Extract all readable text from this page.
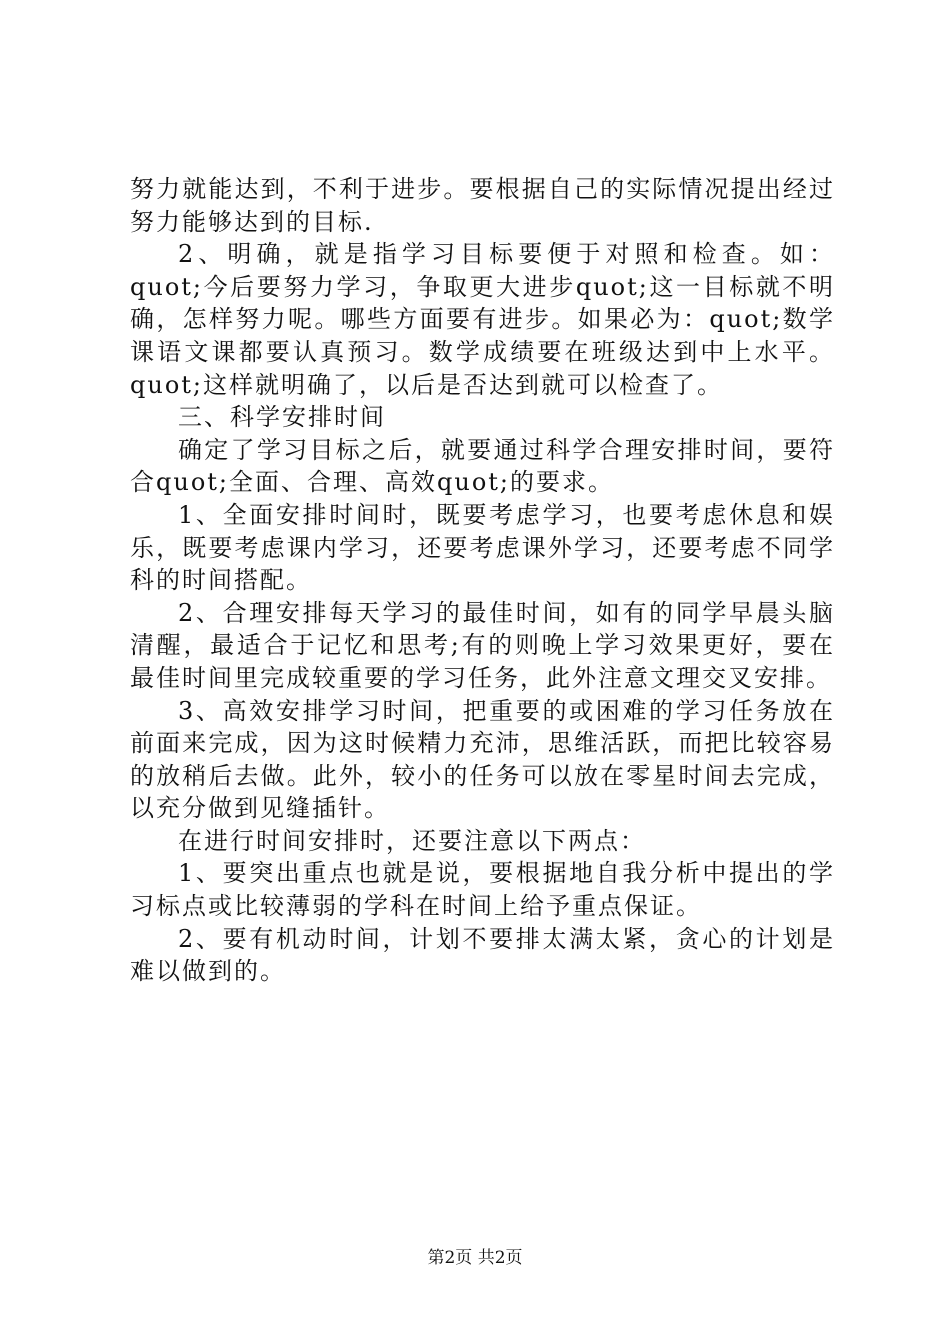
努力就能达到，不利于进步。要根据自己的实际情况提出经过努力能够达到的目标.

2、明确，就是指学习目标要便于对照和检查。如：quot;今后要努力学习，争取更大进步quot;这一目标就不明确，怎样努力呢。哪些方面要有进步。如果必为：quot;数学课语文课都要认真预习。数学成绩要在班级达到中上水平。quot;这样就明确了，以后是否达到就可以检查了。

三、科学安排时间

确定了学习目标之后，就要通过科学合理安排时间，要符合quot;全面、合理、高效quot;的要求。

1、全面安排时间时，既要考虑学习，也要考虑休息和娱乐，既要考虑课内学习，还要考虑课外学习，还要考虑不同学科的时间搭配。

2、合理安排每天学习的最佳时间，如有的同学早晨头脑清醒，最适合于记忆和思考;有的则晚上学习效果更好，要在最佳时间里完成较重要的学习任务，此外注意文理交叉安排。

3、高效安排学习时间，把重要的或困难的学习任务放在前面来完成，因为这时候精力充沛，思维活跃，而把比较容易的放稍后去做。此外，较小的任务可以放在零星时间去完成，以充分做到见缝插针。

在进行时间安排时，还要注意以下两点：

1、要突出重点也就是说，要根据地自我分析中提出的学习标点或比较薄弱的学科在时间上给予重点保证。

2、要有机动时间，计划不要排太满太紧，贪心的计划是难以做到的。

第2页 共2页
